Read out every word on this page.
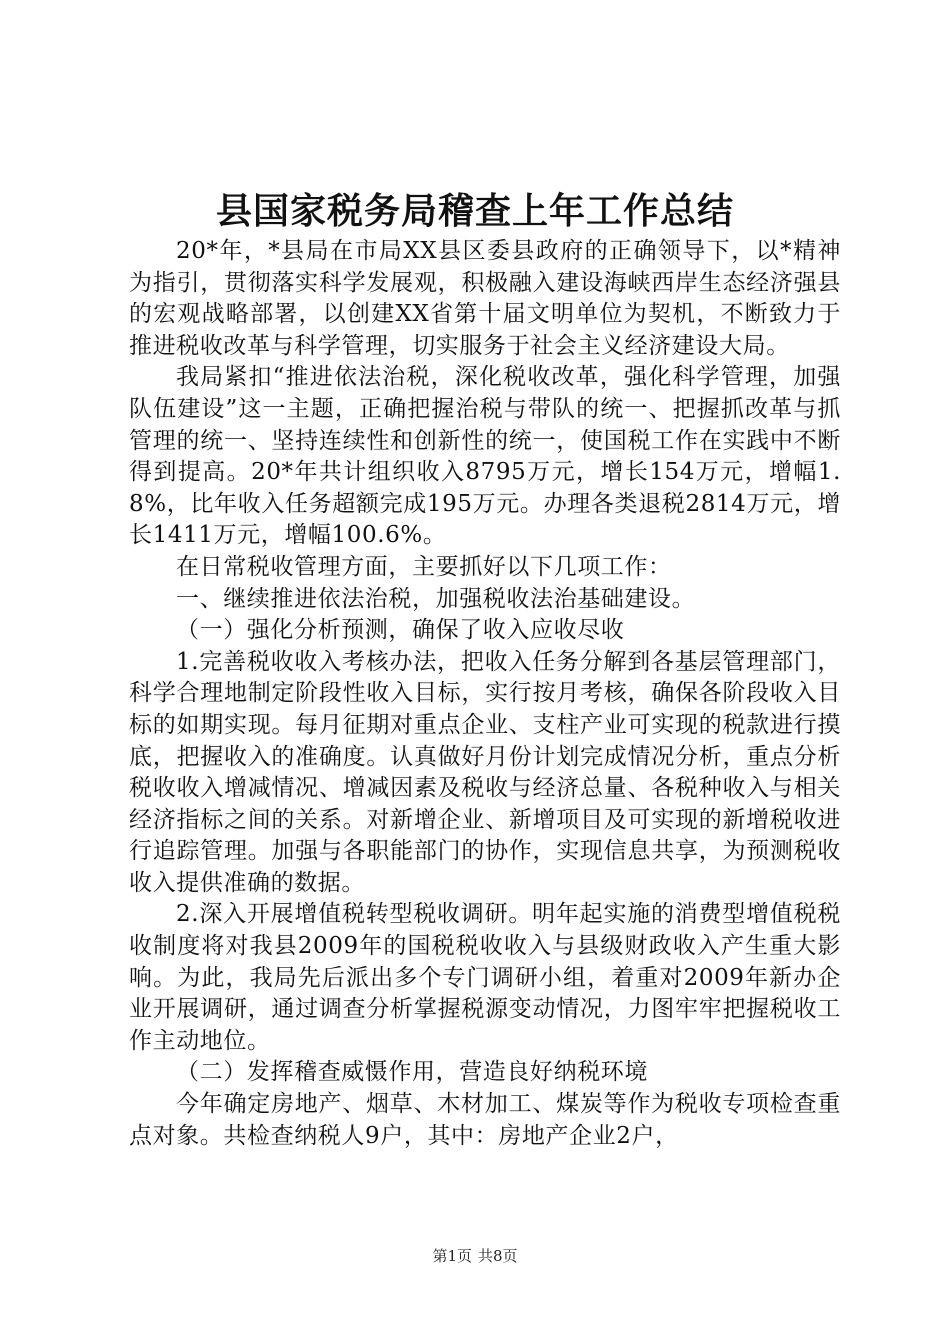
县国家税务局稽查上年工作总结

20*年，*县局在市局XX县区委县政府的正确领导下，以*精神为指引，贯彻落实科学发展观，积极融入建设海峡西岸生态经济强县的宏观战略部署，以创建XX省第十届文明单位为契机，不断致力于推进税收改革与科学管理，切实服务于社会主义经济建设大局。

我局紧扣“推进依法治税，深化税收改革，强化科学管理，加强队伍建设”这一主题，正确把握治税与带队的统一、把握抓改革与抓管理的统一、坚持连续性和创新性的统一，使国税工作在实践中不断得到提高。20*年共计组织收入8795万元，增长154万元，增幅1.8%，比年收入任务超额完成195万元。办理各类退税2814万元，增长1411万元，增幅100.6%。

在日常税收管理方面，主要抓好以下几项工作：

一、继续推进依法治税，加强税收法治基础建设。

（一）强化分析预测，确保了收入应收尽收

1.完善税收收入考核办法，把收入任务分解到各基层管理部门，科学合理地制定阶段性收入目标，实行按月考核，确保各阶段收入目标的如期实现。每月征期对重点企业、支柱产业可实现的税款进行摸底，把握收入的准确度。认真做好月份计划完成情况分析，重点分析税收收入增减情况、增减因素及税收与经济总量、各税种收入与相关经济指标之间的关系。对新增企业、新增项目及可实现的新增税收进行追踪管理。加强与各职能部门的协作，实现信息共享，为预测税收收入提供准确的数据。

2.深入开展增值税转型税收调研。明年起实施的消费型增值税税收制度将对我县2009年的国税税收收入与县级财政收入产生重大影响。为此，我局先后派出多个专门调研小组，着重对2009年新办企业开展调研，通过调查分析掌握税源变动情况，力图牢牢把握税收工作主动地位。

（二）发挥稽查威慑作用，营造良好纳税环境

今年确定房地产、烟草、木材加工、煤炭等作为税收专项检查重点对象。共检查纳税人9户，其中：房地产企业2户，

第1页 共8页
